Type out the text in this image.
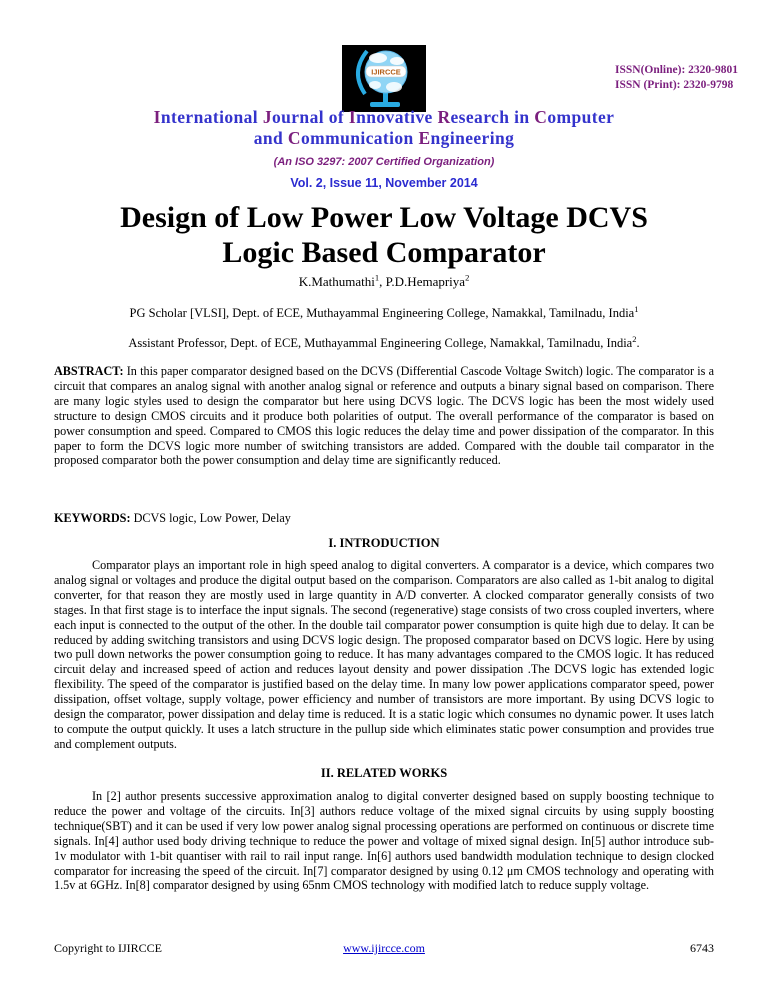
IJIRCCE	ISSN(Online): 2320-9801
ISSN (Print): 2320-9798
International Journal of Innovative Research in Computer
and Communication Engineering
(An ISO 3297: 2007 Certified Organization)
Vol. 2, Issue 11, November 2014
Design of Low Power Low Voltage DCVS
Logic Based Comparator
K.Mathumathi$^1$, P.D.Hemapriya$^2$
PG Scholar [VLSI], Dept. of ECE, Muthayammal Engineering College, Namakkal, Tamilnadu, India$^1$
Assistant Professor, Dept. of ECE, Muthayammal Engineering College, Namakkal, Tamilnadu, India$^2$.
ABSTRACT: In this paper comparator designed based on the DCVS (Differential Cascode Voltage Switch) logic. The comparator is a circuit that compares an analog signal with another analog signal or reference and outputs a binary signal based on comparison. There are many logic styles used to design the comparator but here using DCVS logic. The DCVS logic has been the most widely used structure to design CMOS circuits and it produce both polarities of output. The overall performance of the comparator is based on power consumption and speed. Compared to CMOS this logic reduces the delay time and power dissipation of the comparator. In this paper to form the DCVS logic more number of switching transistors are added. Compared with the double tail comparator in the proposed comparator both the power consumption and delay time are significantly reduced.
KEYWORDS: DCVS logic, Low Power, Delay
I. INTRODUCTION
Comparator plays an important role in high speed analog to digital converters. A comparator is a device, which compares two analog signal or voltages and produce the digital output based on the comparison. Comparators are also called as 1-bit analog to digital converter, for that reason they are mostly used in large quantity in A/D converter. A clocked comparator generally consists of two stages. In that first stage is to interface the input signals. The second (regenerative) stage consists of two cross coupled inverters, where each input is connected to the output of the other. In the double tail comparator power consumption is quite high due to delay. It can be reduced by adding switching transistors and using DCVS logic design. The proposed comparator based on DCVS logic. Here by using two pull down networks the power consumption going to reduce. It has many advantages compared to the CMOS logic. It has reduced circuit delay and increased speed of action and reduces layout density and power dissipation .The DCVS logic has extended logic flexibility. The speed of the comparator is justified based on the delay time. In many low power applications comparator speed, power dissipation, offset voltage, supply voltage, power efficiency and number of transistors are more important. By using DCVS logic to design the comparator, power dissipation and delay time is reduced. It is a static logic which consumes no dynamic power. It uses latch to compute the output quickly. It uses a latch structure in the pullup side which eliminates static power consumption and provides true and complement outputs.
II. RELATED WORKS
In [2] author presents successive approximation analog to digital converter designed based on supply boosting technique to reduce the power and voltage of the circuits. In[3] authors reduce voltage of the mixed signal circuits by using supply boosting technique(SBT) and it can be used if very low power analog signal processing operations are performed on continuous or discrete time signals. In[4] author used body driving technique to reduce the power and voltage of mixed signal design. In[5] author introduce sub-1v modulator with 1-bit quantiser with rail to rail input range. In[6] authors used bandwidth modulation technique to design clocked comparator for increasing the speed of the circuit. In[7] comparator designed by using 0.12 μm CMOS technology and operating with 1.5v at 6GHz. In[8] comparator designed by using 65nm CMOS technology with modified latch to reduce supply voltage.
Copyright to IJIRCCE	www.ijircce.com	6743
